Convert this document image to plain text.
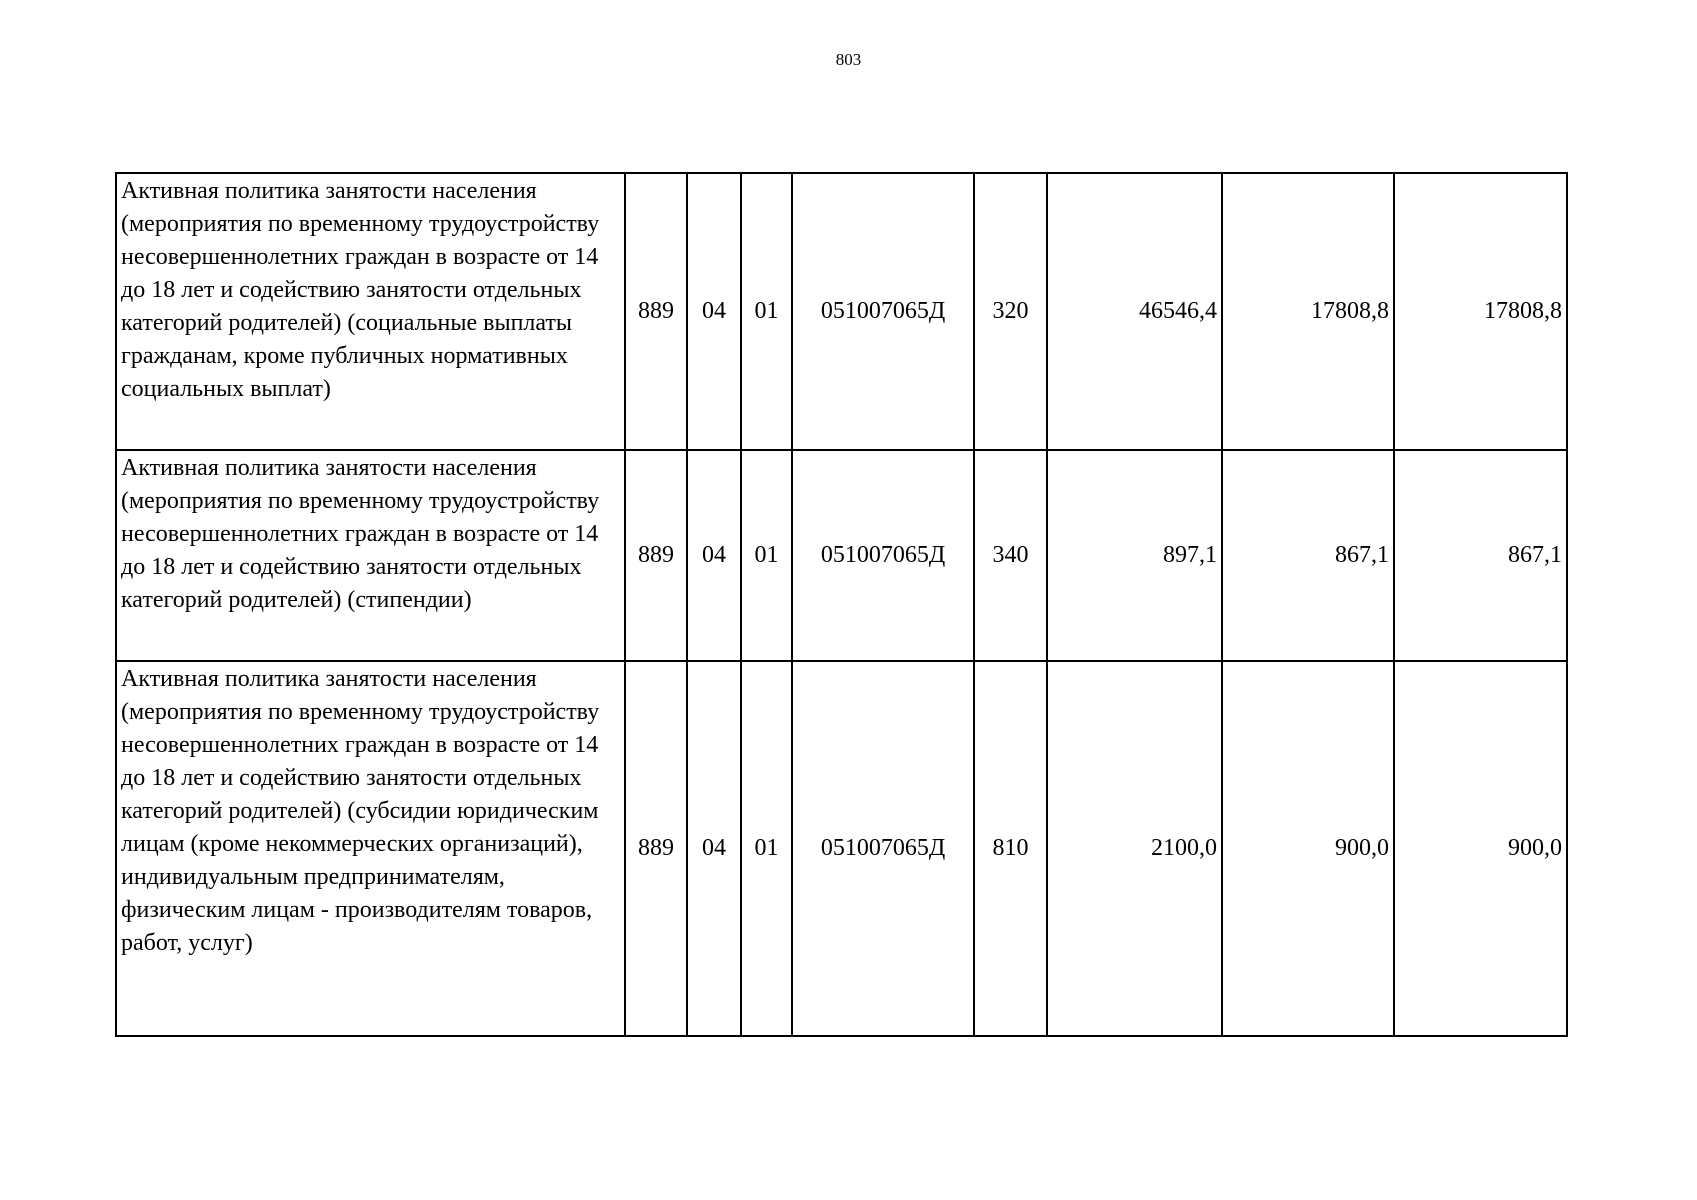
803
Активная политика занятости населения (мероприятия по временному трудоустройству несовершеннолетних граждан в возрасте от 14 до 18 лет и содействию занятости отдельных категорий родителей) (социальные выплаты гражданам, кроме публичных нормативных социальных выплат)	889	04	01	051007065Д	320	46546,4	17808,8	17808,8
Активная политика занятости населения (мероприятия по временному трудоустройству несовершеннолетних граждан в возрасте от 14 до 18 лет и содействию занятости отдельных категорий родителей) (стипендии)	889	04	01	051007065Д	340	897,1	867,1	867,1
Активная политика занятости населения (мероприятия по временному трудоустройству несовершеннолетних граждан в возрасте от 14 до 18 лет и содействию занятости отдельных категорий родителей) (субсидии юридическим лицам (кроме некоммерческих организаций), индивидуальным предпринимателям, физическим лицам - производителям товаров, работ, услуг)	889	04	01	051007065Д	810	2100,0	900,0	900,0
